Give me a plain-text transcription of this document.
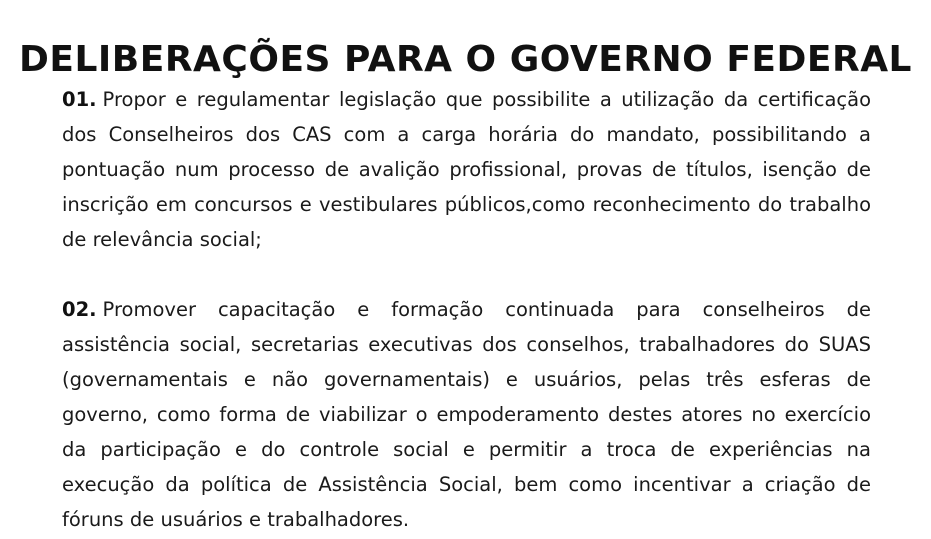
DELIBERAÇÕES PARA O GOVERNO FEDERAL

01. Propor e regulamentar legislação que possibilite a utilização da certificação dos Conselheiros dos CAS com a carga horária do mandato, possibilitando a pontuação num processo de avalição profissional, provas de títulos, isenção de inscrição em concursos e vestibulares públicos,como reconhecimento do trabalho de relevância social;

02. Promover capacitação e formação continuada para conselheiros de assistência social, secretarias executivas dos conselhos, trabalhadores do SUAS (governamentais e não governamentais) e usuários, pelas três esferas de governo, como forma de viabilizar o empoderamento destes atores no exercício da participação e do controle social e permitir a troca de experiências na execução da política de Assistência Social, bem como incentivar a criação de fóruns de usuários e trabalhadores.
